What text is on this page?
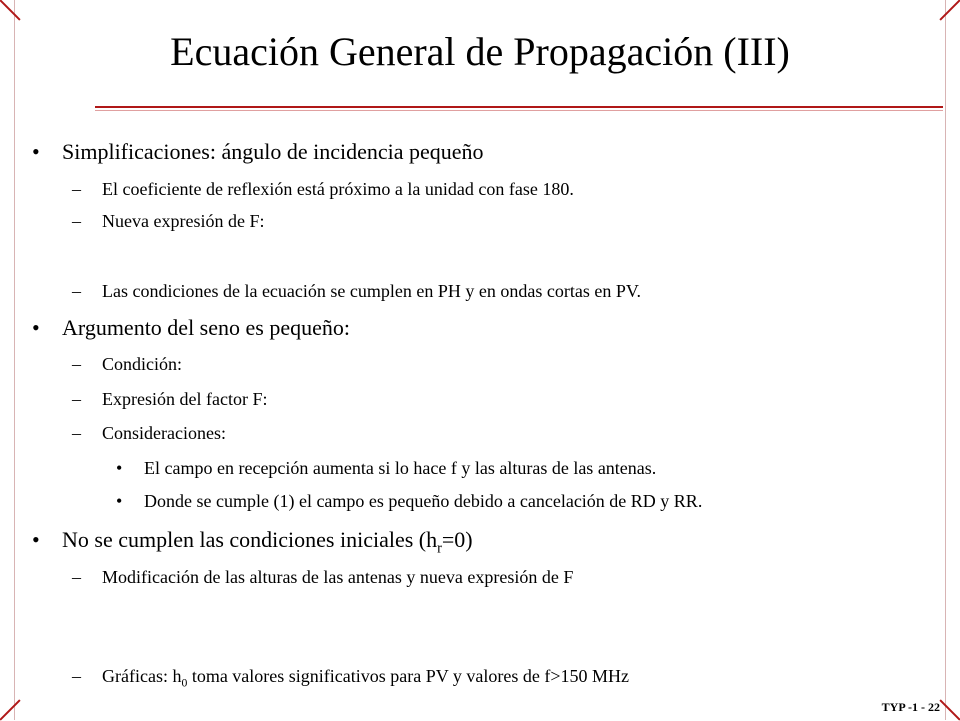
Ecuación General de Propagación (III)
• Simplificaciones: ángulo de incidencia pequeño
– El coeficiente de reflexión está próximo a la unidad con fase 180.
– Nueva expresión de F:
– Las condiciones de la ecuación se cumplen en PH y en ondas cortas en PV.
• Argumento del seno es pequeño:
– Condición:
– Expresión del factor F:
– Consideraciones:
• El campo en recepción aumenta si lo hace f y las alturas de las antenas.
• Donde se cumple (1) el campo es pequeño debido a cancelación de RD y RR.
• No se cumplen las condiciones iniciales $(h_r=0)$
– Modificación de las alturas de las antenas y nueva expresión de F
– Gráficas: $h_0$ toma valores significativos para PV y valores de f>150 MHz
TYP -1 - 22
